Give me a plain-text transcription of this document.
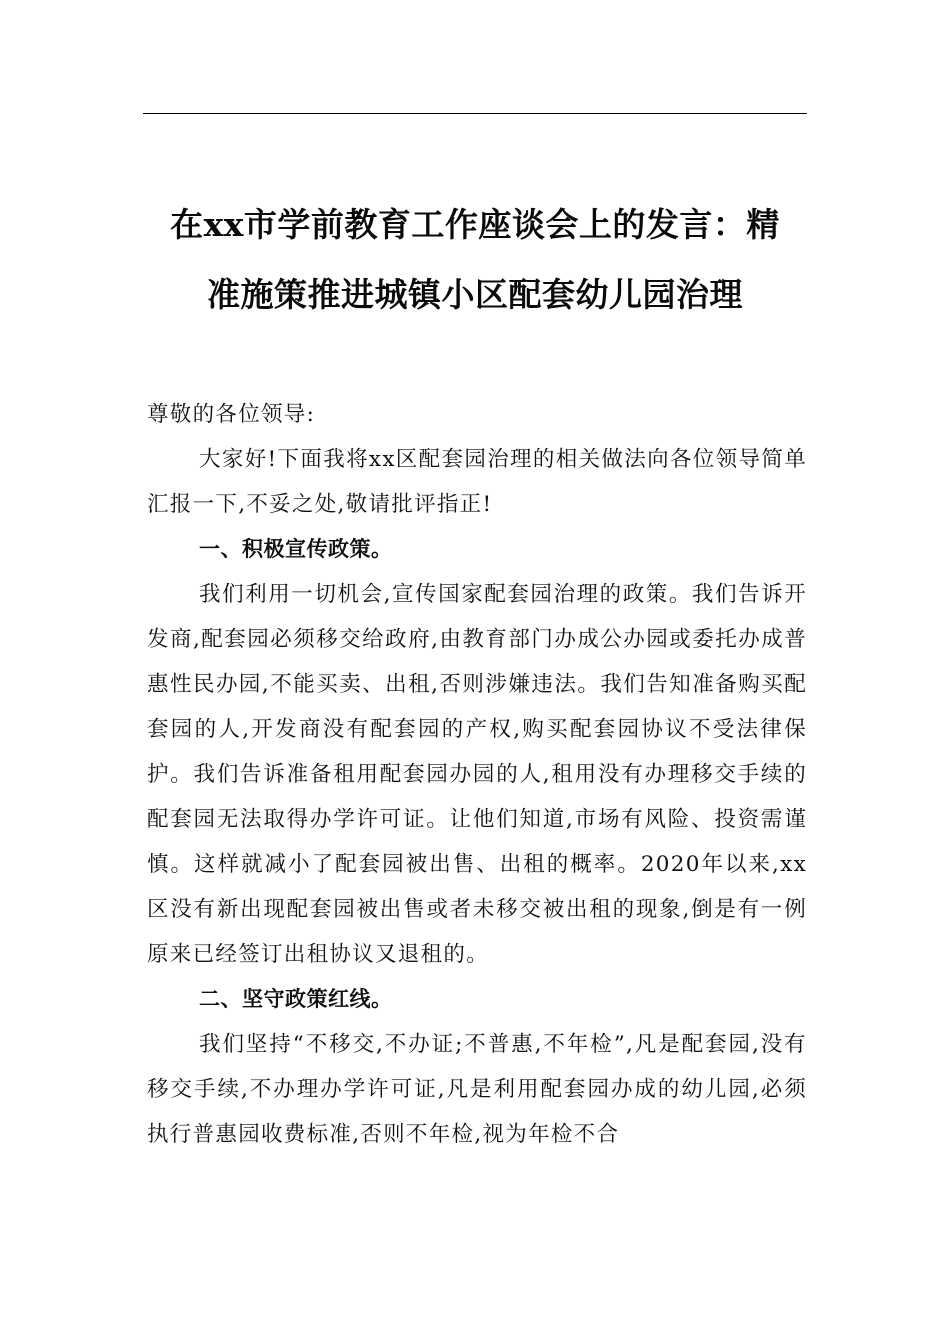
在xx市学前教育工作座谈会上的发言：精
准施策推进城镇小区配套幼儿园治理

尊敬的各位领导:

大家好!下面我将xx区配套园治理的相关做法向各位领导简单汇报一下,不妥之处,敬请批评指正!

一、积极宣传政策。

我们利用一切机会,宣传国家配套园治理的政策。我们告诉开发商,配套园必须移交给政府,由教育部门办成公办园或委托办成普惠性民办园,不能买卖、出租,否则涉嫌违法。我们告知准备购买配套园的人,开发商没有配套园的产权,购买配套园协议不受法律保护。我们告诉准备租用配套园办园的人,租用没有办理移交手续的配套园无法取得办学许可证。让他们知道,市场有风险、投资需谨慎。这样就减小了配套园被出售、出租的概率。2020年以来,xx区没有新出现配套园被出售或者未移交被出租的现象,倒是有一例原来已经签订出租协议又退租的。

二、坚守政策红线。

我们坚持“不移交,不办证;不普惠,不年检”,凡是配套园,没有移交手续,不办理办学许可证,凡是利用配套园办成的幼儿园,必须执行普惠园收费标准,否则不年检,视为年检不合
